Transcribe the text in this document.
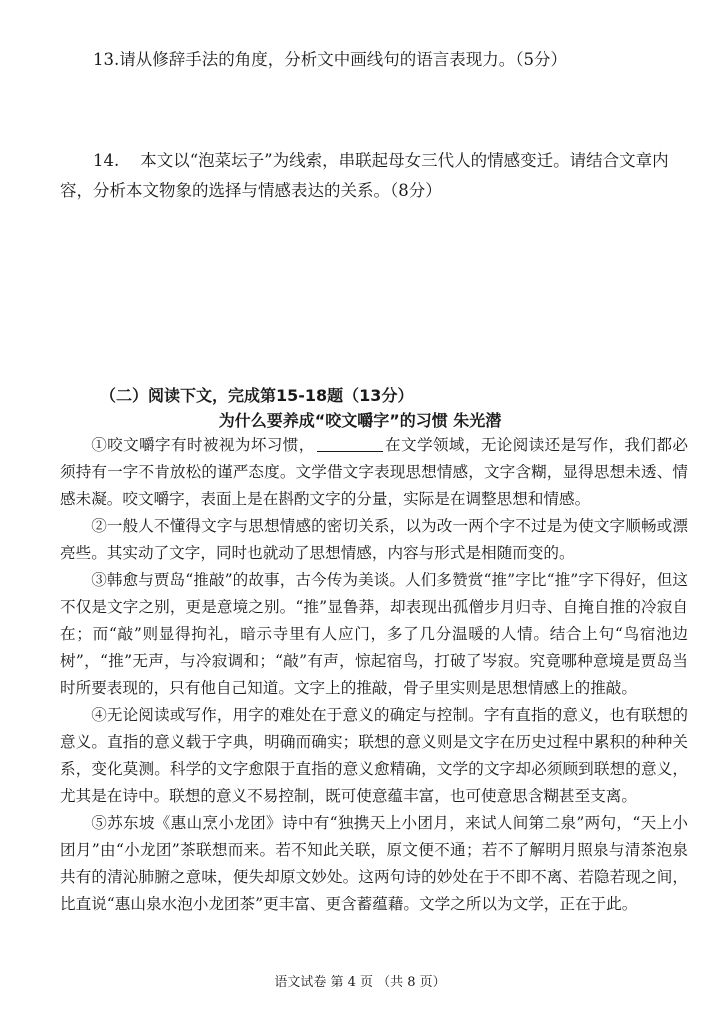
13.请从修辞手法的角度，分析文中画线句的语言表现力。（5分）
14. 本文以“泡菜坛子”为线索，串联起母女三代人的情感变迁。请结合文章内容，分析本文物象的选择与情感表达的关系。（8分）
（二）阅读下文，完成第15-18题（13分）
为什么要养成“咬文嚼字”的习惯 朱光潜

①咬文嚼字有时被视为坏习惯，	在文学领域，无论阅读还是写作，我们都必须持有一字不肯放松的谨严态度。文学借文字表现思想情感，文字含糊，显得思想未透、情感未凝。咬文嚼字，表面上是在斟酌文字的分量，实际是在调整思想和情感。

②一般人不懂得文字与思想情感的密切关系，以为改一两个字不过是为使文字顺畅或漂亮些。其实动了文字，同时也就动了思想情感，内容与形式是相随而变的。

③韩愈与贾岛“推敲”的故事，古今传为美谈。人们多赞赏“推”字比“推”字下得好，但这不仅是文字之别，更是意境之别。“推”显鲁莽，却表现出孤僧步月归寺、自掩自推的冷寂自在；而“敲”则显得拘礼，暗示寺里有人应门，多了几分温暖的人情。结合上句“鸟宿池边树”，“推”无声，与冷寂调和；“敲”有声，惊起宿鸟，打破了岑寂。究竟哪种意境是贾岛当时所要表现的，只有他自己知道。文字上的推敲，骨子里实则是思想情感上的推敲。

④无论阅读或写作，用字的难处在于意义的确定与控制。字有直指的意义，也有联想的意义。直指的意义载于字典，明确而确实；联想的意义则是文字在历史过程中累积的种种关系，变化莫测。科学的文字愈限于直指的意义愈精确，文学的文字却必须顾到联想的意义，尤其是在诗中。联想的意义不易控制，既可使意蕴丰富，也可使意思含糊甚至支离。

⑤苏东坡《惠山烹小龙团》诗中有“独携天上小团月，来试人间第二泉”两句，“天上小团月”由“小龙团”茶联想而来。若不知此关联，原文便不通；若不了解明月照泉与清茶泡泉共有的清沁肺腑之意味，便失却原文妙处。这两句诗的妙处在于不即不离、若隐若现之间，比直说“惠山泉水泡小龙团茶”更丰富、更含蓄蕴藉。文学之所以为文学，正在于此。

语文试卷 第 4 页 （共 8 页）
